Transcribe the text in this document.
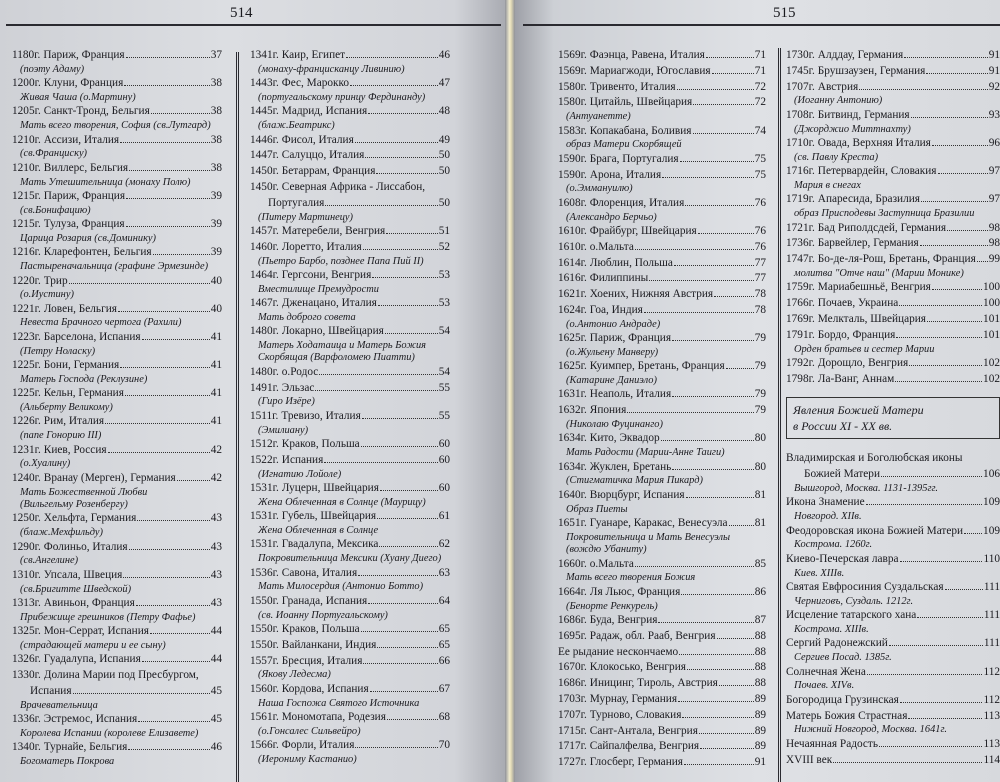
514
1180г. Париж, Франция	37
(поэту Адаму)
1200г. Клуни, Франция	38
Живая Чаша (о.Мартину)
1205г. Санкт-Тронд, Бельгия	38
Мать всего творения, София (св.Лутгард)
1210г. Ассизи, Италия	38
(св.Франциску)
1210г. Виллерс, Бельгия	38
Мать Утешительница (монаху Полю)
1215г. Париж, Франция	39
(св.Бонифацию)
1215г. Тулуза, Франция	39
Царица Розария (св.Доминику)
1216г. Кларефонтен, Бельгия	39
Пастыреначальница (графине Эрмезинде)
1220г. Трир	40
(о.Иустину)
1221г. Ловен, Бельгия	40
Невеста Брачного чертога (Рахили)
1223г. Барселона, Испания	41
(Петру Ноласку)
1225г. Бони, Германия	41
Матерь Господа (Реклузине)
1225г. Кельн, Германия	41
(Альберту Великому)
1226г. Рим, Италия	41
(папе Гонорию III)
1231г. Киев, Россия	42
(о.Хуалину)
1240г. Вранау (Мерген), Германия	42
Мать Божественной Любви
(Вильгельму Розенбергу)
1250г. Хельфта, Германия	43
(блаж.Мехфильду)
1290г. Фолиньо, Италия	43
(св.Ангелине)
1310г. Упсала, Швеция	43
(св.Бригитте Шведской)
1313г. Авиньон, Франция	43
Прибежище грешников (Петру Фафье)
1325г. Мон-Серрат, Испания	44
(страдающей матери и ее сыну)
1326г. Гуадалупа, Испания	44
1330г. Долина Марии под Пресбургом,
Испания	45
Врачевательница
1336г. Эстремос, Испания	45
Королева Испании (королеве Елизавете)
1340г. Турнайе, Бельгия	46
Богоматерь Покрова
1341г. Каир, Египет	46
(монаху-францисканцу Ливинию)
1443г. Фес, Марокко	47
(португальскому принцу Фердинанду)
1445г. Мадрид, Испания	48
(блаж.Беатрикс)
1446г. Фисол, Италия	49
1447г. Салуццо, Италия	50
1450г. Бетаррам, Франция	50
1450г. Северная Африка - Лиссабон,
Португалия	50
(Питеру Мартинецу)
1457г. Матеребели, Венгрия	51
1460г. Лоретто, Италия	52
(Пьетро Барбо, позднее Папа Пий II)
1464г. Гергсони, Венгрия	53
Вместилище Премудрости
1467г. Дженацано, Италия	53
Мать доброго совета
1480г. Локарно, Швейцария	54
Матерь Ходатаица и Матерь Божия
Скорбящая (Варфоломею Пиатти)
1480г. о.Родос	54
1491г. Эльзас	55
(Гиро Изёре)
1511г. Тревизо, Италия	55
(Эмилиану)
1512г. Краков, Польша	60
1522г. Испания	60
(Игнатию Лойоле)
1531г. Луцерн, Швейцария	60
Жена Облеченная в Солнце (Маурицу)
1531г. Губель, Швейцария	61
Жена Облеченная в Солнце
1531г. Гвадалупа, Мексика	62
Покровительница Мексики (Хуану Диего)
1536г. Савона, Италия	63
Мать Милосердия (Антонио Ботто)
1550г. Гранада, Испания	64
(св. Иоанну Португальскому)
1550г. Краков, Польша	65
1550г. Вайланкани, Индия	65
1557г. Бресция, Италия	66
(Якову Ледесма)
1560г. Кордова, Испания	67
Наша Госпожа Святого Источника
1561г. Мономотапа, Родезия	68
(о.Гонсалес Сильвейро)
1566г. Форли, Италия	70
(Иерониму Кастанио)
515
1569г. Фаэнца, Равена, Италия	71
1569г. Мариагжоди, Югославия	71
1580г. Тривенто, Италия	72
1580г. Цитайль, Швейцария	72
(Антуанетте)
1583г. Копакабана, Боливия	74
образ Матери Скорбящей
1590г. Брага, Португалия	75
1590г. Арона, Италия	75
(о.Эммануилю)
1608г. Флоренция, Италия	76
(Александро Берчьо)
1610г. Фрайбург, Швейцария	76
1610г. о.Мальта	76
1614г. Люблин, Польша	77
1616г. Филиппины	77
1621г. Хоених, Нижняя Австрия	78
1624г. Гоа, Индия	78
(о.Антонио Андраде)
1625г. Париж, Франция	79
(о.Жульену Манверу)
1625г. Куимпер, Бретань, Франция	79
(Катарине Даниэло)
1631г. Неаполь, Италия	79
1632г. Япония	79
(Николаю Фуцинанго)
1634г. Кито, Эквадор	80
Мать Радости (Марии-Анне Таиги)
1634г. Жуклен, Бретань	80
(Стигматичка Мария Пикард)
1640г. Вюрцбург, Испания	81
Образ Пиеты
1651г. Гуанаре, Каракас, Венесуэла 81
Покровительница и Мать Венесуэлы
(вождю Убаниту)
1660г. о.Мальта	85
Мать всего творения Божия
1664г. Ля Льюс, Франция	86
(Бенорте Ренкурель)
1686г. Буда, Венгрия	87
1695г. Радаж, обл. Рааб, Венгрия	88
Ее рыдание нескончаемо	88
1670г. Клокосько, Венгрия	88
1686г. Иницинг, Тироль, Австрия	88
1703г. Мурнау, Германия	89
1707г. Турново, Словакия	89
1715г. Сант-Антала, Венгрия	89
1717г. Сайпалфелва, Венгрия	89
1727г. Глосберг, Германия	91
1730г. Алддау, Германия	91
1745г. Брушзаузен, Германия	91
1707г. Австрия	92
(Иоганну Антонию)
1708г. Битвинд, Германия	93
(Джорджио Миттнахту)
1710г. Овада, Верхняя Италия	96
(св. Павлу Креста)
1716г. Петервардейн, Словакия	97
Мария в снегах
1719г. Апаресида, Бразилия	97
образ Присподевы Заступница Бразилии
1721г. Бад Риполдсдей, Германия	98
1736г. Барвейлер, Германия	98
1747г. Бо-де-ля-Рош, Бретань, Франция 99
молитва "Отче наш" (Марии Монике)
1759г. Мариабешньё, Венгрия	100
1766г. Почаев, Украина	100
1769г. Мелкталь, Швейцария	101
1791г. Бордо, Франция	101
Орден братьев и сестер Марии
1792г. Дорощло, Венгрия	102
1798г. Ла-Ванг, Аннам	102
Явления Божией Матери
в России XI - XX вв.
Владимирская и Боголюбская иконы
Божией Матери	106
Вышгород, Москва. 1131-1395гг.
Икона Знамение	109
Новгород. XIIв.
Феодоровская икона Божией Матери 109
Кострома. 1260г.
Киево-Печерская лавра	110
Киев. XIIIв.
Святая Евфросиния Суздальская	111
Черниговъ, Суздаль. 1212г.
Исцеление татарского хана	111
Кострома. XIIIв.
Сергий Радонежский	111
Сергиев Посад. 1385г.
Солнечная Жена	112
Почаев. XIVв.
Богородица Грузинская	112
Матерь Божия Страстная	113
Нижний Новгород, Москва. 1641г.
Нечаянная Радость	113
XVIII век	114
